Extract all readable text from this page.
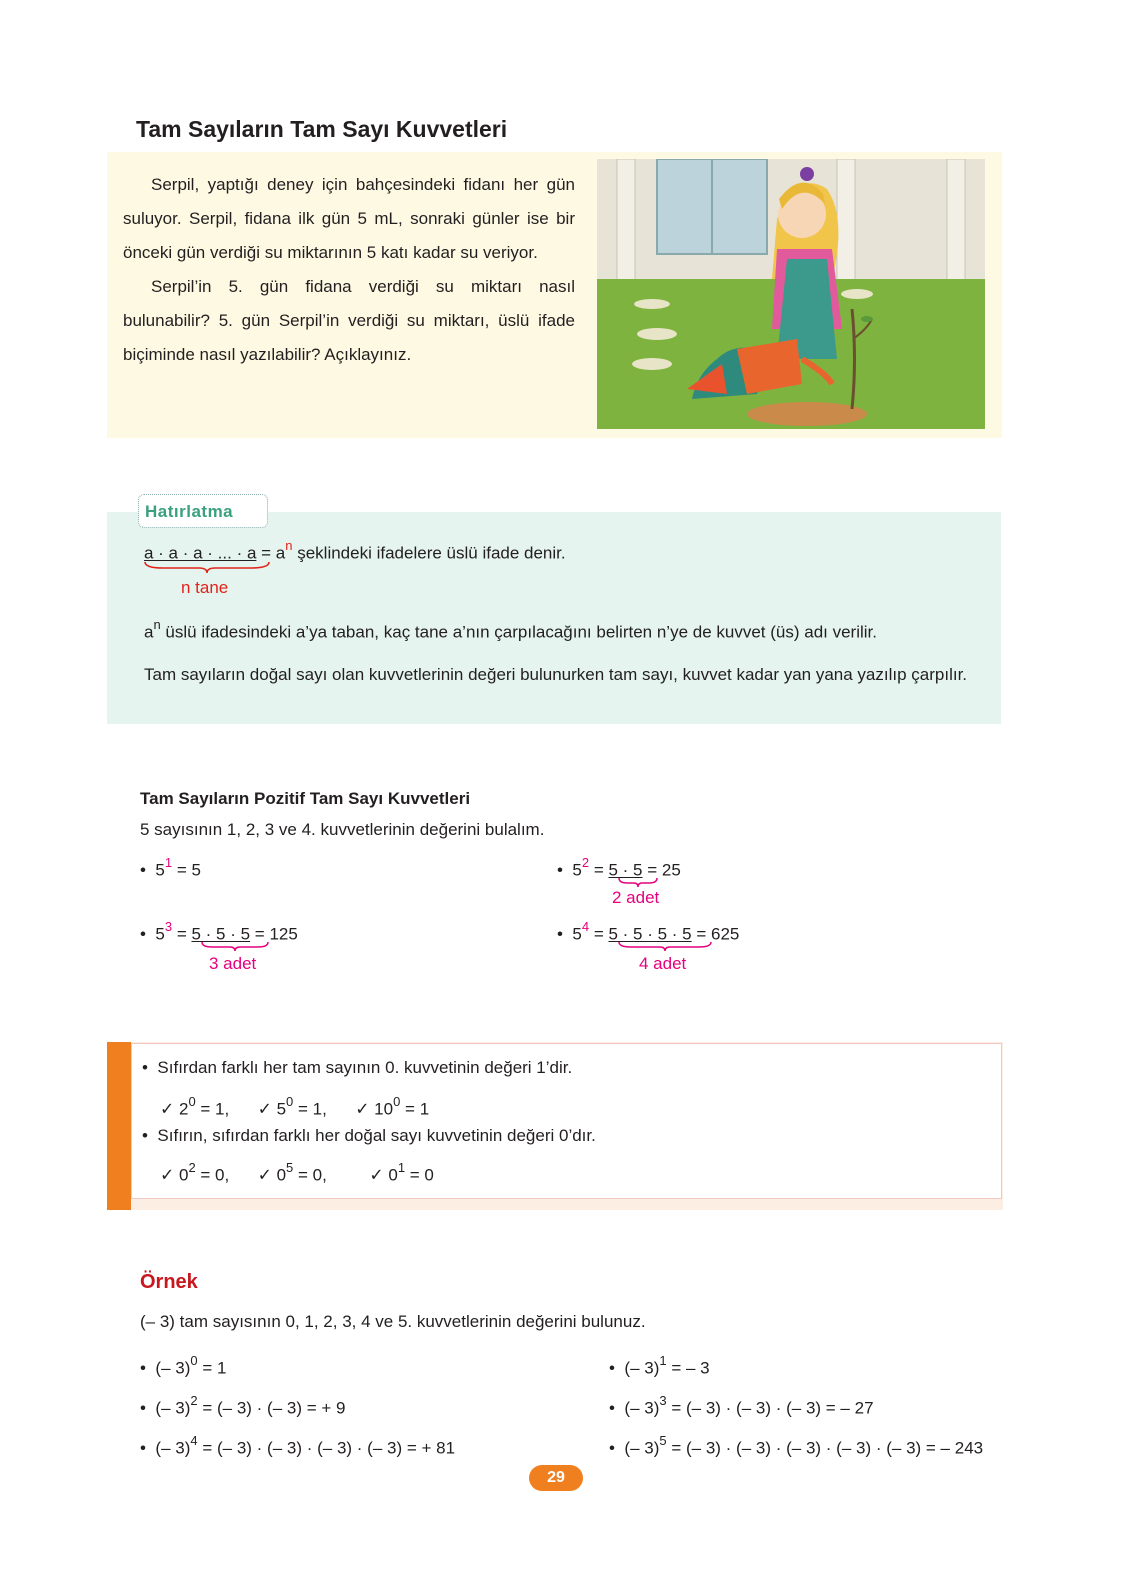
Tam Sayıların Tam Sayı Kuvvetleri

Serpil, yaptığı deney için bahçesindeki fidanı her gün suluyor. Serpil, fidana ilk gün 5 mL, sonraki günler ise bir önceki gün verdiği su miktarının 5 katı kadar su veriyor.

Serpil’in 5. gün fidana verdiği su miktarı nasıl bulunabilir? 5. gün Serpil’in verdiği su miktarı, üslü ifade biçiminde nasıl yazılabilir? Açıklayınız.

Hatırlatma
a · a · a · ... · $a = a^n$ şeklindeki ifadelere üslü ifade denir.
n tane
$a^n$ üslü ifadesindeki a’ya taban, kaç tane a’nın çarpılacağını belirten n’ye de kuvvet (üs) adı verilir.
Tam sayıların doğal sayı olan kuvvetlerinin değeri bulunurken tam sayı, kuvvet kadar yan yana yazılıp çarpılır.
Tam Sayıların Pozitif Tam Sayı Kuvvetleri
5 sayısının 1, 2, 3 ve 4. kuvvetlerinin değerini bulalım.
•  $5^1 = 5$	•  $5^2 = 5 \cdot 5 = 25$
2 adet
•  $5^3 = 5 \cdot 5 \cdot 5 = 125$
3 adet
•  $5^4 = 5 \cdot 5 \cdot 5 \cdot 5 = 625$
4 adet
•  Sıfırdan farklı her tam sayının 0. kuvvetinin değeri 1’dir.
✓ $2^0 = 1$, ✓ $5^0 = 1$, ✓ $10^0 = 1$
•  Sıfırın, sıfırdan farklı her doğal sayı kuvvetinin değeri 0’dır.
✓ $0^2 = 0$, ✓ $0^5 = 0$,	✓ $0^1 = 0$
Örnek
(– 3) tam sayısının 0, 1, 2, 3, 4 ve 5. kuvvetlerinin değerini bulunuz.
•  (– 3)$^0$ = 1	•  (– 3)$^1$ = – 3
•  (– 3)$^2$ = (– 3) · (– 3) = + 9	•  (– 3)$^3$ = (– 3) · (– 3) · (– 3) = – 27
•  (– 3)$^4$ = (– 3) · (– 3) · (– 3) · (– 3) = + 81	•  (– 3)$^5$ = (– 3) · (– 3) · (– 3) · (– 3) · (– 3) = – 243
29
